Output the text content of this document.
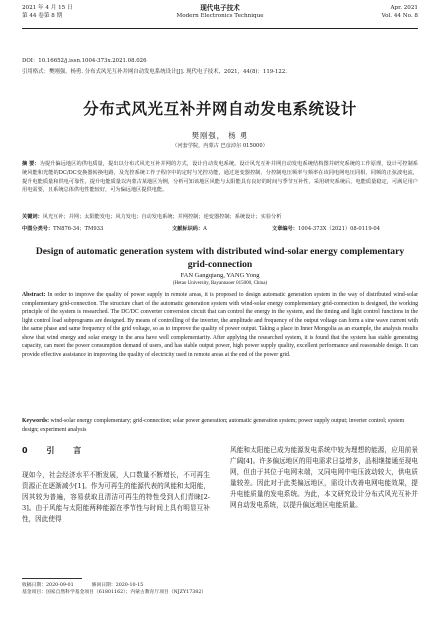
2021 年 4 月 15 日
第 44 卷第 8 期
现代电子技术
Modern Electronics Technique
Apr. 2021
Vol. 44 No. 8
DOI：10.16652/j.issn.1004‐373x.2021.08.026
引用格式：樊刚强，杨勇. 分布式风光互补并网自动发电系统设计[J]. 现代电子技术，2021，44(8)：119‐122.
分布式风光互补并网自动发电系统设计
樊刚强， 杨 勇
（河套学院，内蒙古 巴彦淖尔 015000）
摘 要：为提升偏远地区的供电质量，提出以分布式风光互补并网的方式，设计自动发电系统。设计风光互补并网自动发电系统结构图并研究系统的工作原理，设计可控制系统风能和光能的DC/DC变换器转换电路，及光控系统工作子程序中的定时与光控功能，通过逆变器控制、分控制电压频率与频率在该同电网电压同相、同频的正弦波电流，提升电能质量和供电可靠性，提升电能质量以内蒙古某地区为例，分析可知该地区风能与太阳能具有良好的时间与季节互补性，采用研究系统后，电能质量稳定，可满足用户用电需要，且系统总体供电性能较好，可为偏远地区提供电能。
关键词：风光互补；并网；太阳能发电；风力发电；自动发电系统；并网控制；逆变器控制；系统设计；实验分析
中图分类号：TN876‐34；TM933	文献标识码：A	文章编号：1004‐373X（2021）08‐0119‐04
Design of automatic generation system with distributed wind‐solar energy complementary grid‐connection
FAN Gangqiang, YANG Yong
(Hetao University, Bayannaoer 015000, China)
Abstract: In order to improve the quality of power supply in remote areas, it is proposed to design automatic generation system in the way of distributed wind‐solar complementary grid‐connection. The structure chart of the automatic generation system with wind‐solar energy complementary grid‐connection is designed, the working principle of the system is researched. The DC/DC converter conversion circuit that can control the energy in the system, and the timing and light control functions in the light control load subprograms are designed. By means of controlling of the inverter, the amplitude and frequency of the output voltage can form a sine wave current with the same phase and same frequency of the grid voltage, so as to improve the quality of power output. Taking a place in Inner Mongolia as an example, the analysis results show that wind energy and solar energy in the area have well complementarity. After applying the researched system, it is found that the system has stable generating capacity, can meet the power consumption demand of users, and has stable output power, high power supply quality, excellent performance and reasonable design. It can provide effective assistance in improving the quality of electricity used in remote areas at the end of the power grid.
Keywords: wind‐solar energy complementary; grid‐connection; solar power generation; automatic generation system; power supply output; inverter control; system design; experiment analysis
0 引 言
现如今，社会经济水平不断发展，人口数量不断增长，不可再生资源正在逐渐减少[1]。作为可再生的能源代表的风能和太阳能，因其较为普遍，容易获取且清洁可再生的特性受到人们青睐[2‐3]。由于风能与太阳能两种能源在季节性与时间上具有明显互补性，因此使得
风能和太阳能已成为能源发电系统中较为理想的能源，应用前景广阔[4]。许多偏远地区的用电需求日益增多，品相继接通至现电网，但由于其位于电网末端，又同电网中电压波动较大，供电质量较差。因此对于此类偏远地区，需设计改善电网电能效果，提升电能质量的发电系统。为此，本文研究设计分布式风光互补并网自动发电系统，以提升偏远地区电能质量。
收稿日期：2020‐09‐01	修回日期：2020‐10‐15
基金项目：国家自然科学基金项目（61801162）；内蒙古教育厅项目（NJZY17382）
